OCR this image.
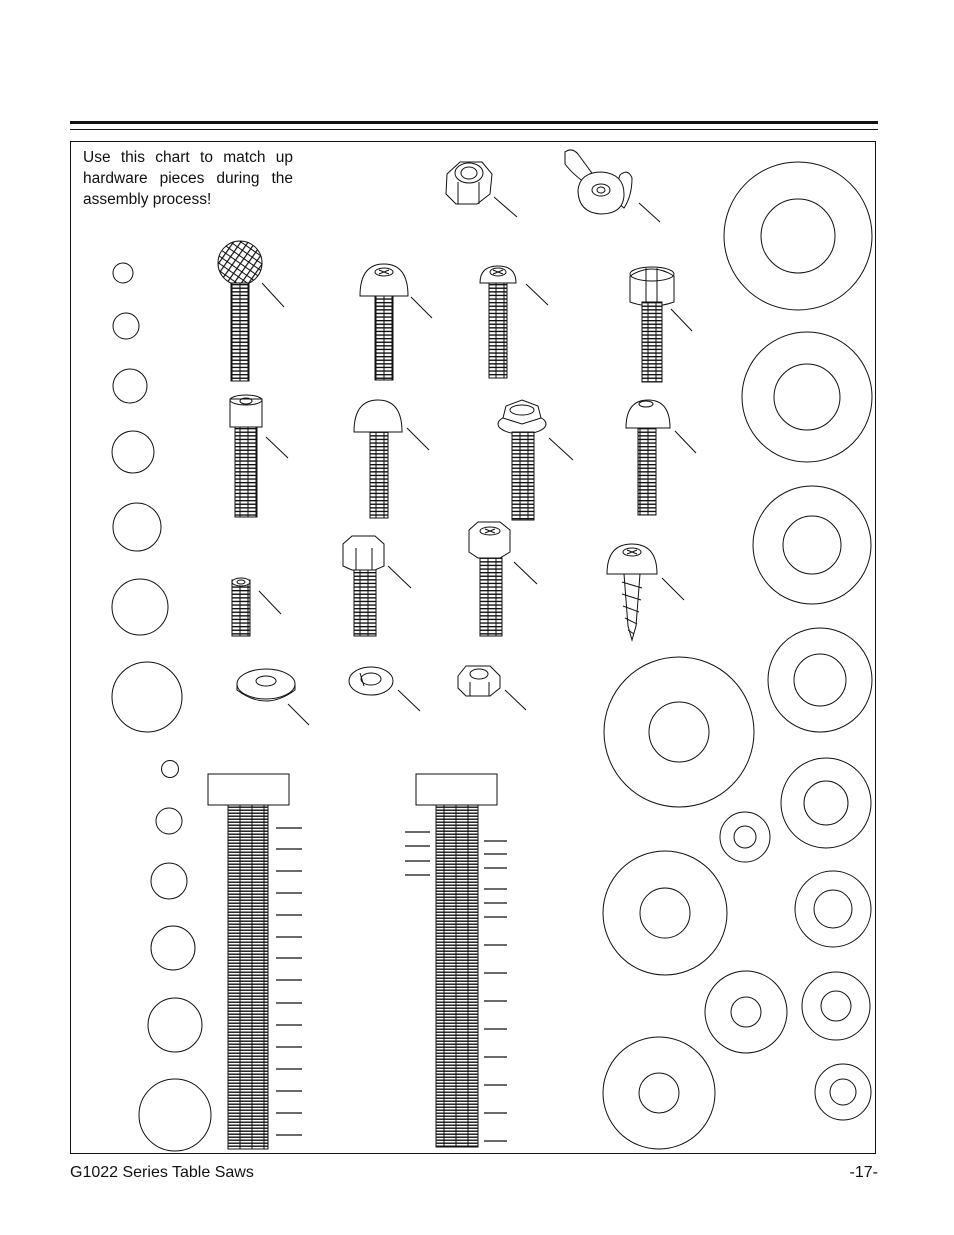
Use this chart to match up hardware pieces during the assembly process!

G1022 Series Table Saws	-17-
